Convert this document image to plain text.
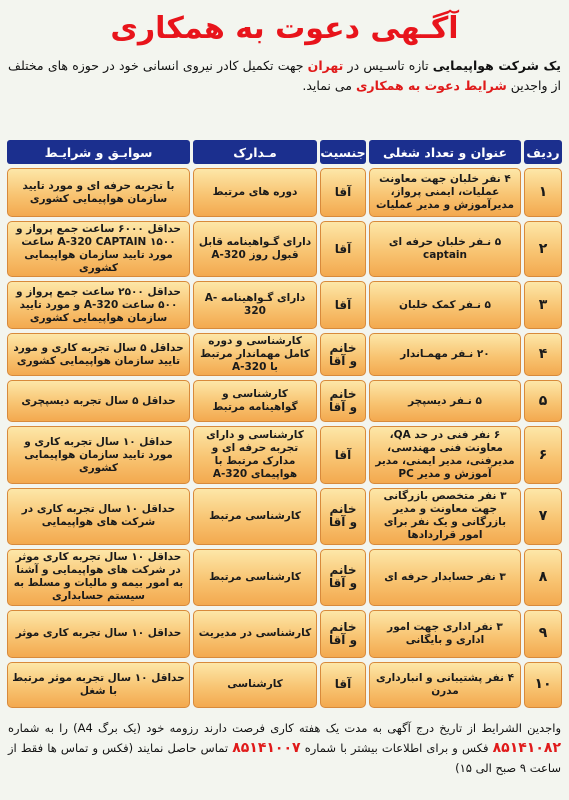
آگـهی دعوت به همکاری
یک شرکت هواپیمایی تازه تاسـیس در تهران جهت تکمیل کادر نیروی انسانی خود در حوزه های مختلف از واجدین شرایط دعوت به همکاری می نماید.
ردیف	عنوان و تعداد شغلی	جنسیت	مـدارک	سوابـق و شرایـط
۱	۴ نفر خلبان جهت معاونت عملیات، ایمنی پرواز، مدیرآموزش و مدیر عملیات	آقا	دوره های مرتبط	با تجربه حرفه ای و مورد تایید سازمان هواپیمایی کشوری
۲	۵ نـفر خلبان حرفه ای captain	آقا	دارای گـواهینامه قابل قبول روز A-320	حداقل ۶۰۰۰ ساعت جمع پرواز و A-320 CAPTAIN ۱۵۰۰ ساعت مورد تایید سازمان هواپیمایی کشوری
۳	۵ نـفر کمک خلبان	آقا	دارای گـواهینامه A-320	حداقل ۲۵۰۰ ساعت جمع پرواز و ۵۰۰ ساعت A-320 و مورد تایید سازمان هواپیمایی کشوری
۴	۲۰ نـفر مهمـاندار	خانم و آقا	کارشناسی و دوره کامل مهماندار مرتبط با A-320	حداقل ۵ سال تجربه کاری و مورد تایید سازمان هواپیمایی کشوری
۵	۵ نـفر دیسپچر	خانم و آقا	کارشناسی و گواهینامه مرتبط	حداقل ۵ سال تجربه دیسپچری
۶	۶ نفر فنی در حد QA، معاونت فنی مهندسی، مدیرفنی، مدیر ایمنی، مدیر آموزش و مدیر PC	آقا	کارشناسی و دارای تجربه حرفه ای و مدارک مرتبط با هواپیمای A-320	حداقل ۱۰ سال تجربه کاری و مورد تایید سازمان هواپیمایی کشوری
۷	۳ نفر متخصص بازرگانی جهت معاونت و مدیر بازرگانی و یک نفر برای امور قراردادها	خانم و آقا	کارشناسی مرتبط	حداقل ۱۰ سال تجربه کاری در شرکت های هواپیمایی
۸	۳ نفر حسابدار حرفه ای	خانم و آقا	کارشناسی مرتبط	حداقل ۱۰ سال تجربه کاری موثر در شرکت های هواپیمایی و آشنا به امور بیمه و مالیات و مسلط به سیستم حسابداری
۹	۳ نفر اداری جهت امور اداری و بایگانی	خانم و آقا	کارشناسی در مدیریت	حداقل ۱۰ سال تجربه کاری موثر
۱۰	۴ نفر پشتیبانی و انبارداری مدرن	آقا	کارشناسی	حداقل ۱۰ سال تجربه موثر مرتبط با شغل
واجدین الشرایط از تاریخ درج آگهی به مدت یک هفته کاری فرصت دارند رزومه خود (یک برگ A4) را به شماره ۸۵۱۴۱۰۸۲ فکس و برای اطلاعات بیشتر با شماره ۸۵۱۴۱۰۰۷ تماس حاصل نمایند (فکس و تماس ها فقط از ساعت ۹ صبح الی ۱۵)
